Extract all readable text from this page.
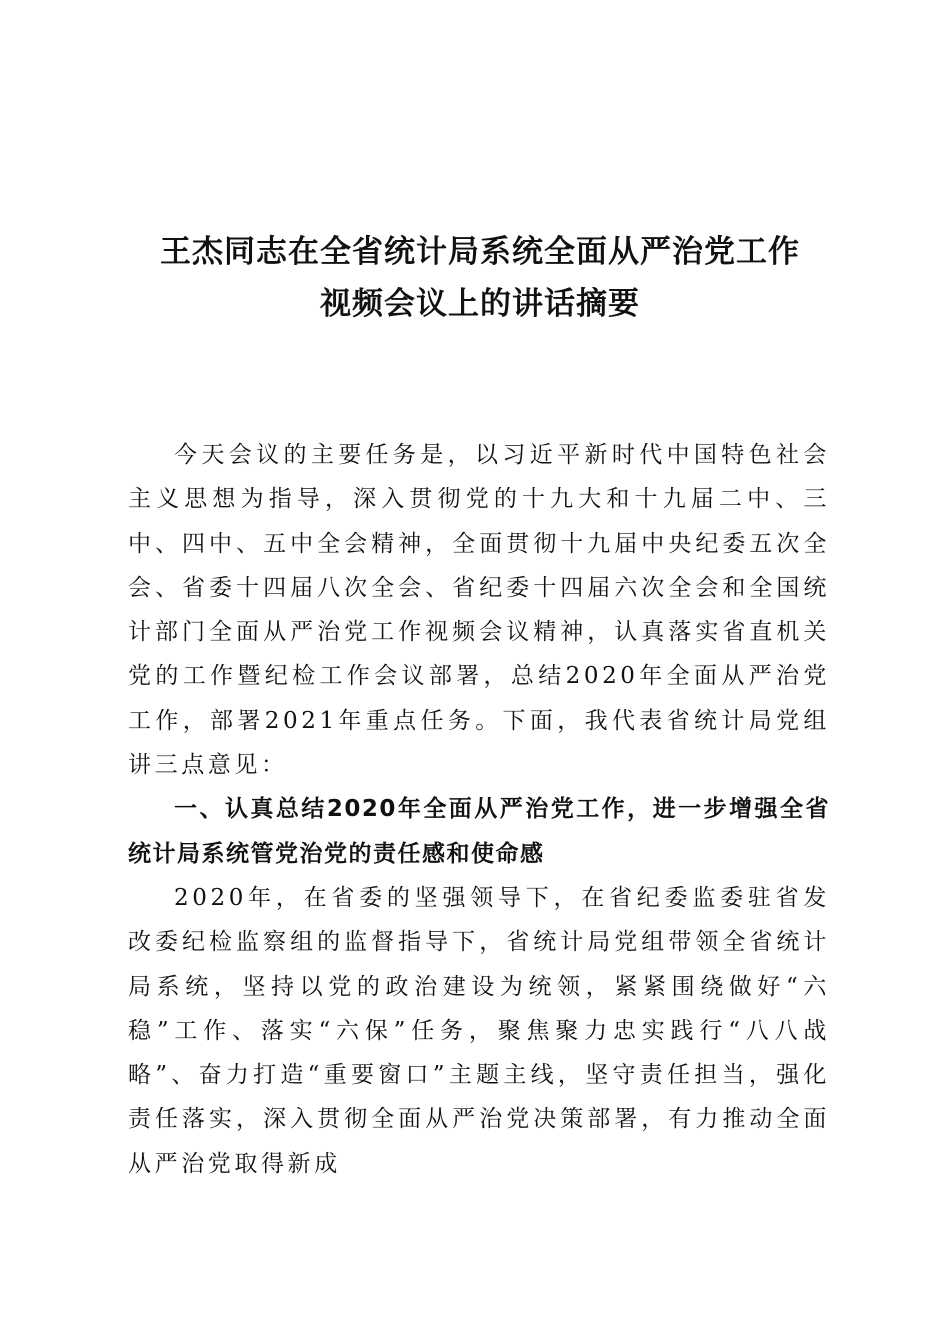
王杰同志在全省统计局系统全面从严治党工作
视频会议上的讲话摘要

今天会议的主要任务是，以习近平新时代中国特色社会主义思想为指导，深入贯彻党的十九大和十九届二中、三中、四中、五中全会精神，全面贯彻十九届中央纪委五次全会、省委十四届八次全会、省纪委十四届六次全会和全国统计部门全面从严治党工作视频会议精神，认真落实省直机关党的工作暨纪检工作会议部署，总结2020年全面从严治党工作，部署2021年重点任务。下面，我代表省统计局党组讲三点意见：

一、认真总结2020年全面从严治党工作，进一步增强全省统计局系统管党治党的责任感和使命感

2020年，在省委的坚强领导下，在省纪委监委驻省发改委纪检监察组的监督指导下，省统计局党组带领全省统计局系统，坚持以党的政治建设为统领，紧紧围绕做好“六稳”工作、落实“六保”任务，聚焦聚力忠实践行“八八战略”、奋力打造“重要窗口”主题主线，坚守责任担当，强化责任落实，深入贯彻全面从严治党决策部署，有力推动全面从严治党取得新成
